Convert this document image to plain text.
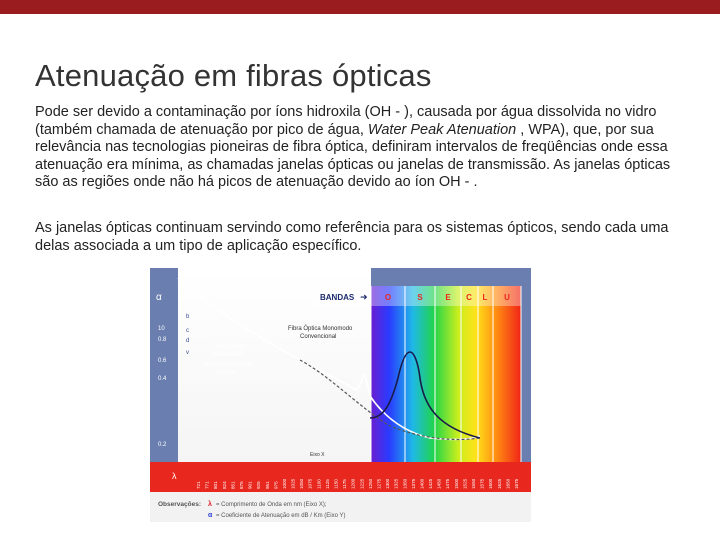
Atenuação em fibras ópticas

Pode ser devido a contaminação por íons hidroxila (OH - ), causada por água dissolvida no vidro (também chamada de atenuação por pico de água, Water Peak Atenuation , WPA), que, por sua relevância nas tecnologias pioneiras de fibra óptica, definiram intervalos de freqüências onde essa atenuação era mínima, as chamadas janelas ópticas ou janelas de transmissão. As janelas ópticas são as regiões onde não há picos de atenuação devido ao íon OH - .

As janelas ópticas continuam servindo como referência para os sistemas ópticos, sendo cada uma delas associada a um tipo de aplicação específico.

BANDAS ➜ O	S	E C L U
α
10
0.8
0.6
0.4
0.2
b
c
d
v
Fibra Óptica Monomodo
Convencional
Fibra Óptica
Monomodo
sem a presença de
íons OH
Eixo X
λ
721 771 801 824 851 875 901 925 951 975 1000 1025 1050 1075 1100 1125 1150 1175 1200 1225 1250 1275 1300 1325 1350 1375 1400 1425 1450 1475 1500 1525 1550 1575 1600 1625 1650 1675
Observações: λ = Comprimento de Onda em nm (Eixo X);
α = Coeficiente de Atenuação em dB / Km (Eixo Y)
